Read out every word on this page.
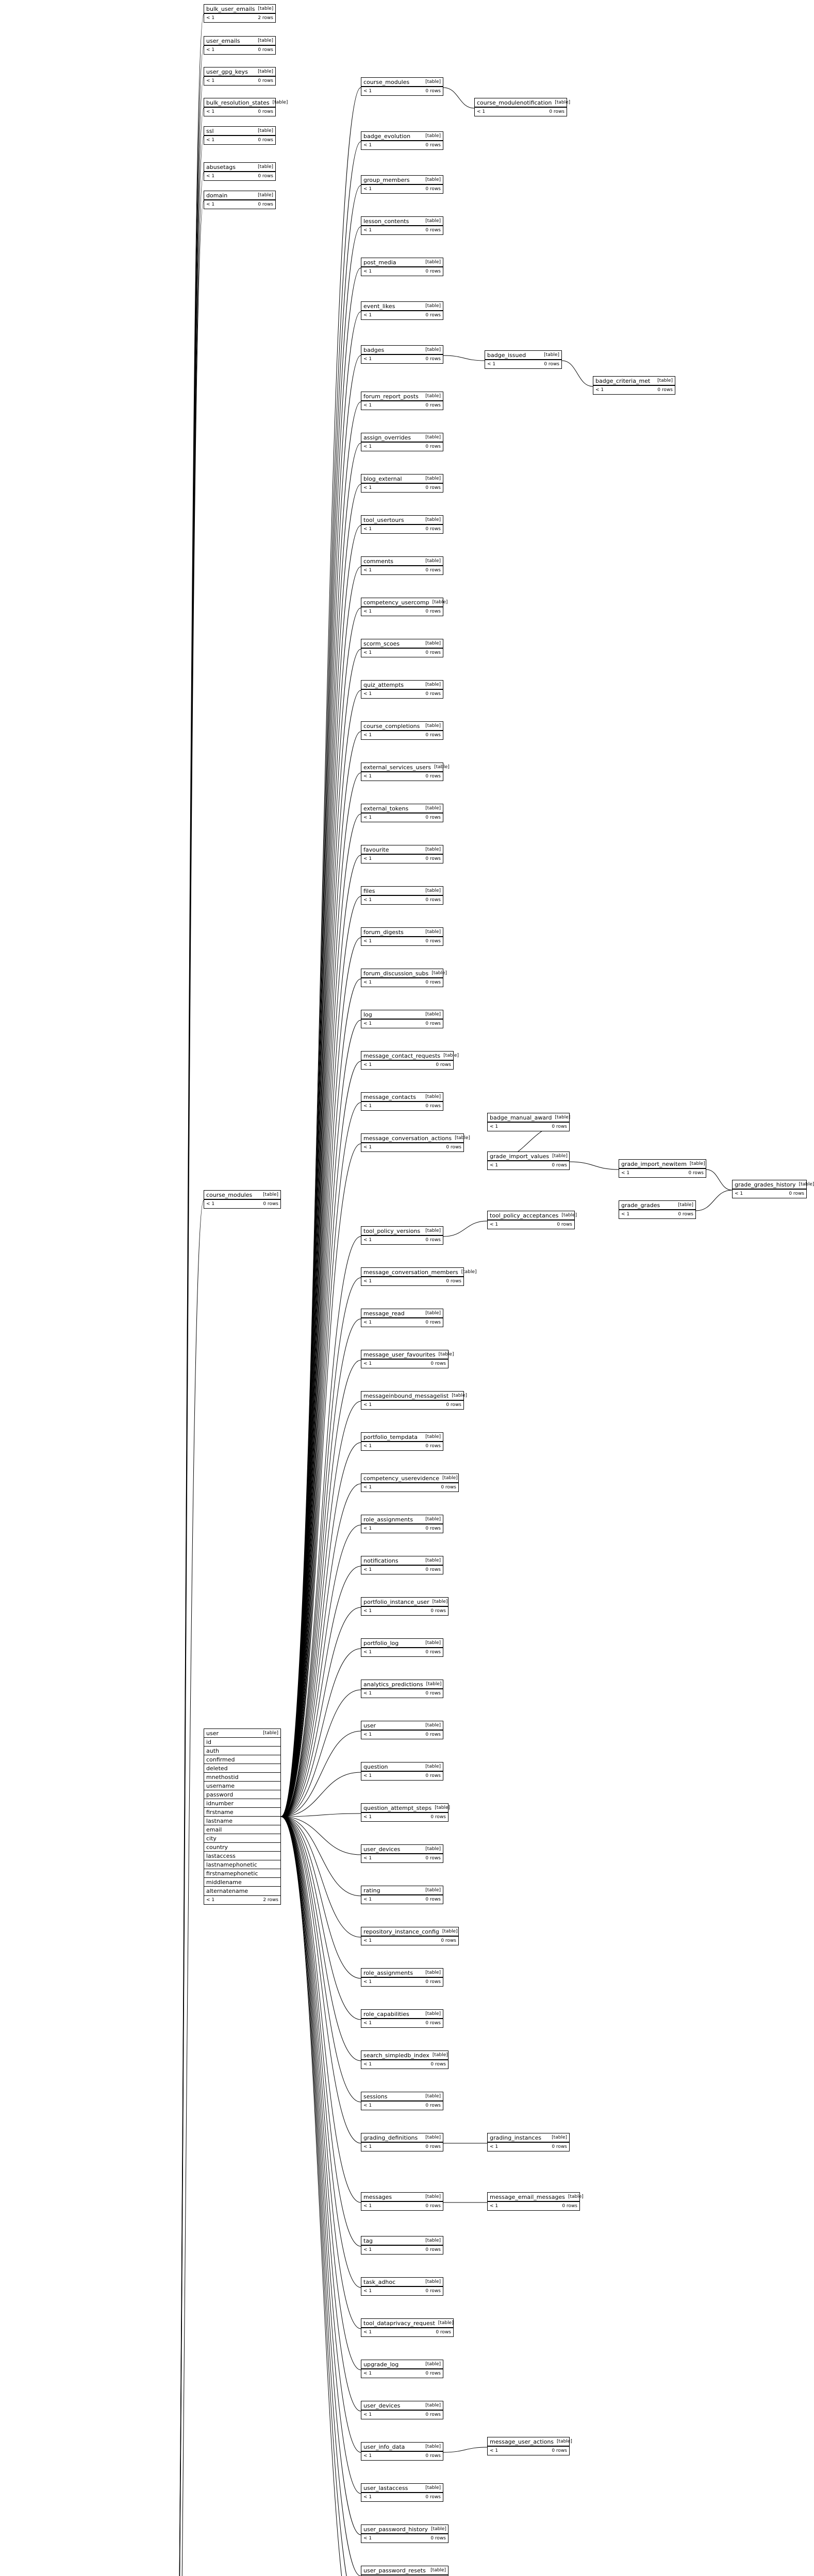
bulk_user_emails [table]
< 1	2 rows
user_emails	[table]
< 1	0 rows
user_gpg_keys [table]
< 1	0 rows
bulk_resolution_states [table]
< 1	0 rows
ssl	[table]
< 1	0 rows
abusetags	[table]
< 1	0 rows
domain	[table]
< 1	0 rows
course_modules	[table]
< 1	0 rows
course_modulenotification [table]
< 1	0 rows
badge_evolution	[table]
< 1	0 rows
group_members	[table]
< 1	0 rows
lesson_contents	[table]
< 1	0 rows
post_media	[table]
< 1	0 rows
event_likes	[table]
< 1	0 rows
badges	[table]
< 1	0 rows
badge_issued	[table]
< 1	0 rows
badge_criteria_met [table]
< 1	0 rows
forum_report_posts [table]
< 1	0 rows
assign_overrides	[table]
< 1	0 rows
blog_external	[table]
< 1	0 rows
tool_usertours	[table]
< 1	0 rows
comments	[table]
< 1	0 rows
competency_usercomp [table]
< 1	0 rows
scorm_scoes	[table]
< 1	0 rows
quiz_attempts	[table]
< 1	0 rows
course_completions [table]
< 1	0 rows
external_services_users [table]
< 1	0 rows
external_tokens	[table]
< 1	0 rows
favourite	[table]
< 1	0 rows
files	[table]
< 1	0 rows
forum_digests	[table]
< 1	0 rows
forum_discussion_subs [table]
< 1	0 rows
log	[table]
< 1	0 rows
message_contact_requests [table]
< 1	0 rows
message_contacts [table]
< 1	0 rows
message_conversation_actions [table]
< 1	0 rows
badge_manual_award [table]
< 1	0 rows
grade_import_values [table]
< 1	0 rows	grade_import_newitem [table]
< 1	0 rows
grade_grades	[table]
< 1	0 rows
grade_grades_history [table]
< 1	0 rows
tool_policy_acceptances [table]
< 1	0 rows
tool_policy_versions [table]
< 1	0 rows
message_conversation_members [table]
< 1	0 rows
message_read	[table]
< 1	0 rows
message_user_favourites [table]
< 1	0 rows
messageinbound_messagelist [table]
< 1	0 rows
portfolio_tempdata [table]
< 1	0 rows
competency_userevidence [table]
< 1	0 rows
role_assignments	[table]
< 1	0 rows
notifications	[table]
< 1	0 rows
portfolio_instance_user [table]
< 1	0 rows
portfolio_log	[table]
< 1	0 rows
analytics_predictions [table]
< 1	0 rows
user	[table]
< 1	0 rows
question	[table]
< 1	0 rows
question_attempt_steps [table]
< 1	0 rows
user_devices	[table]
< 1	0 rows
rating	[table]
< 1	0 rows
repository_instance_config [table]
< 1	0 rows
role_assignments	[table]
< 1	0 rows
role_capabilities	[table]
< 1	0 rows
search_simpledb_index [table]
< 1	0 rows
sessions	[table]
< 1	0 rows
grading_definitions [table]
< 1	0 rows
grading_instances [table]
< 1	0 rows
message_email_messages [table]
< 1	0 rows
messages	[table]
< 1	0 rows
tag	[table]
< 1	0 rows
task_adhoc	[table]
< 1	0 rows
tool_dataprivacy_request [table]
< 1	0 rows
upgrade_log	[table]
< 1	0 rows
user_devices	[table]
< 1	0 rows
user_info_data	[table]
< 1	0 rows
message_user_actions [table]
< 1	0 rows
user_lastaccess	[table]
< 1	0 rows
user_password_history [table]
< 1	0 rows
user_password_resets [table]
course_modules [table]
< 1	0 rows
user	[table]
id
auth
confirmed
deleted
mnethostid
username
password
idnumber
firstname
lastname
email
city
country
lastaccess
lastnamephonetic
firstnamephonetic
middlename
alternatename
< 1	2 rows
